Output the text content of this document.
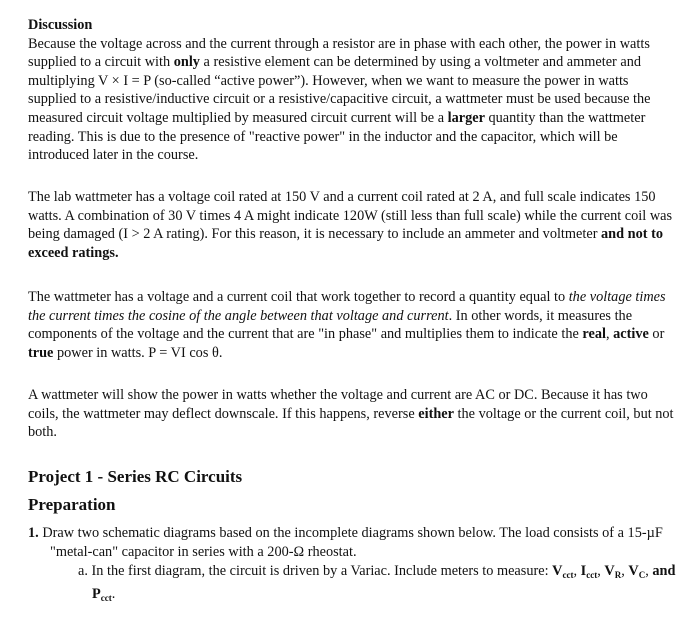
Discussion
Because the voltage across and the current through a resistor are in phase with each other, the power in watts supplied to a circuit with only a resistive element can be determined by using a voltmeter and ammeter and multiplying V × I = P (so-called “active power”). However, when we want to measure the power in watts supplied to a resistive/inductive circuit or a resistive/capacitive circuit, a wattmeter must be used because the measured circuit voltage multiplied by measured circuit current will be a larger quantity than the wattmeter reading. This is due to the presence of "reactive power" in the inductor and the capacitor, which will be introduced later in the course.
The lab wattmeter has a voltage coil rated at 150 V and a current coil rated at 2 A, and full scale indicates 150 watts. A combination of 30 V times 4 A might indicate 120W (still less than full scale) while the current coil was being damaged (I > 2 A rating). For this reason, it is necessary to include an ammeter and voltmeter and not to exceed ratings.
The wattmeter has a voltage and a current coil that work together to record a quantity equal to the voltage times the current times the cosine of the angle between that voltage and current. In other words, it measures the components of the voltage and the current that are "in phase" and multiplies them to indicate the real, active or true power in watts. P = VI cos θ.
A wattmeter will show the power in watts whether the voltage and current are AC or DC. Because it has two coils, the wattmeter may deflect downscale. If this happens, reverse either the voltage or the current coil, but not both.
Project 1 - Series RC Circuits
Preparation
1. Draw two schematic diagrams based on the incomplete diagrams shown below. The load consists of a 15-µF "metal-can" capacitor in series with a 200-Ω rheostat.
a. In the first diagram, the circuit is driven by a Variac. Include meters to measure: $V_{cct}$, $I_{cct}$, $V_R$, $V_C$, and $P_{cct}$.
